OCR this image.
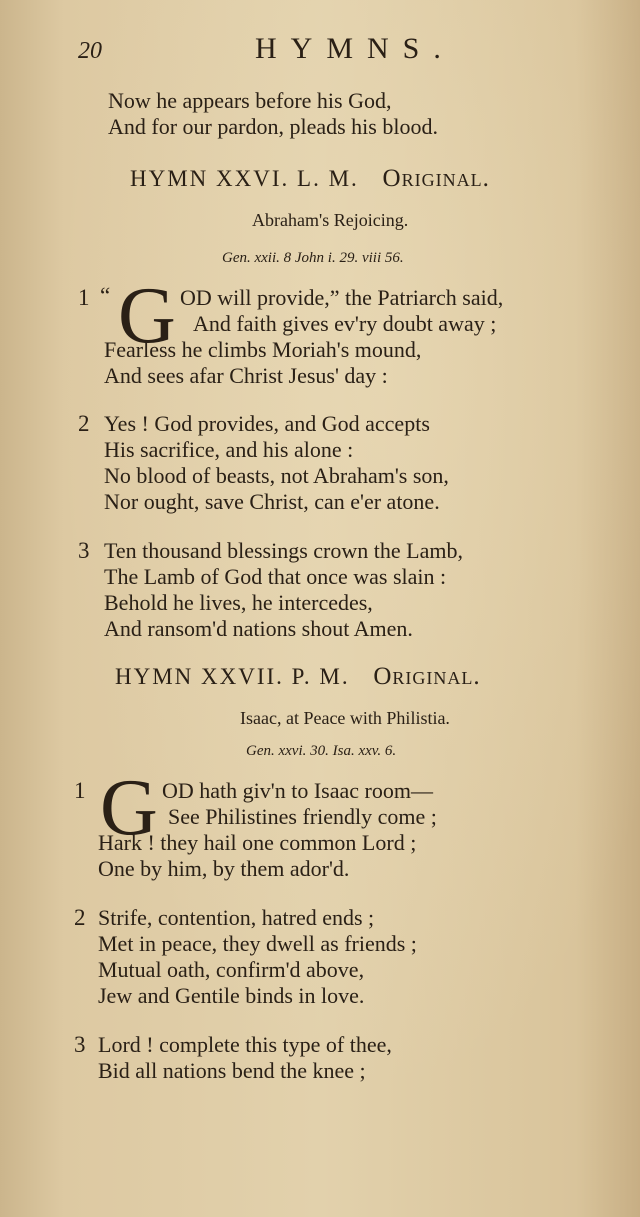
20	HYMNS.
Now he appears before his God,
And for our pardon, pleads his blood.
HYMN XXVI. L. M. Original.
Abraham's Rejoicing.
Gen. xxii. 8 John i. 29. viii 56.
1 “ G OD will provide,” the Patriarch said,
And faith gives ev'ry doubt away ;
Fearless he climbs Moriah's mound,
And sees afar Christ Jesus' day :
2 Yes ! God provides, and God accepts
His sacrifice, and his alone :
No blood of beasts, not Abraham's son,
Nor ought, save Christ, can e'er atone.
3 Ten thousand blessings crown the Lamb,
The Lamb of God that once was slain :
Behold he lives, he intercedes,
And ransom'd nations shout Amen.
HYMN XXVII. P. M. Original.
Isaac, at Peace with Philistia.
Gen. xxvi. 30. Isa. xxv. 6.
1 G OD hath giv'n to Isaac room—
See Philistines friendly come ;
Hark ! they hail one common Lord ;
One by him, by them ador'd.
2 Strife, contention, hatred ends ;
Met in peace, they dwell as friends ;
Mutual oath, confirm'd above,
Jew and Gentile binds in love.
3 Lord ! complete this type of thee,
Bid all nations bend the knee ;
